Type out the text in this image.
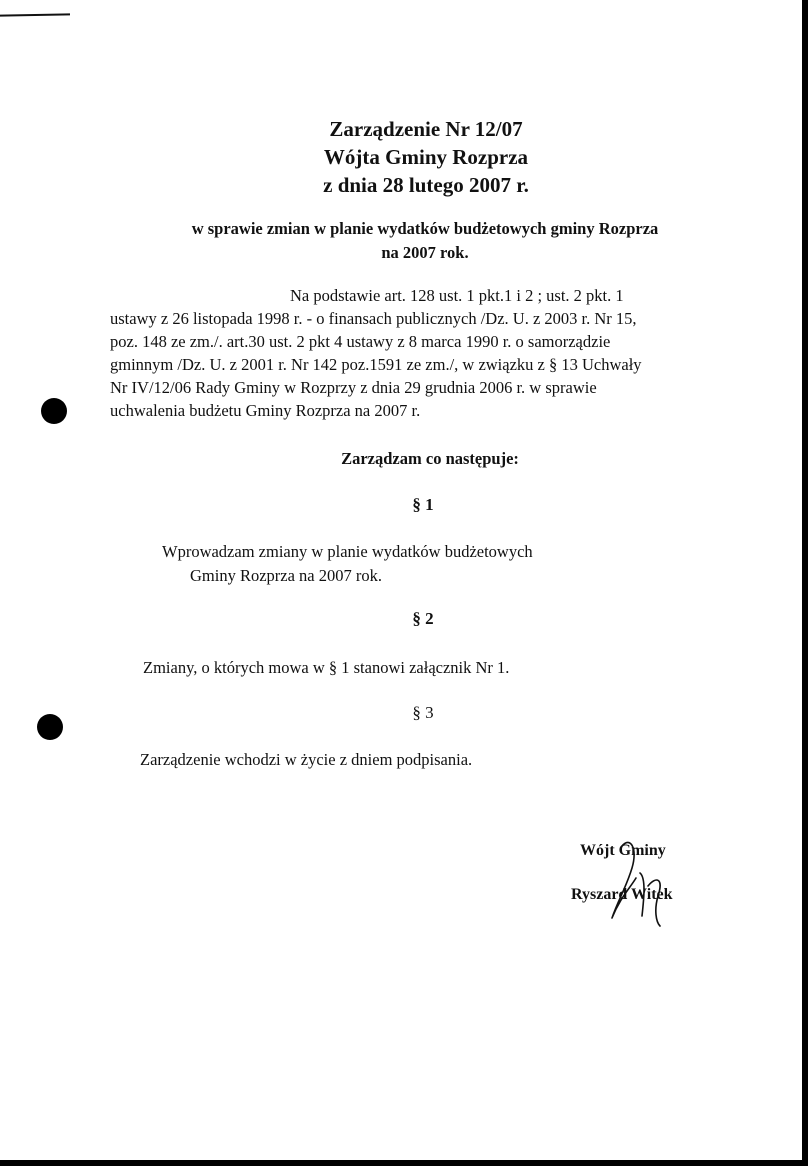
Zarządzenie Nr 12/07
Wójta Gminy Rozprza
z dnia 28 lutego 2007 r.
w sprawie zmian w planie wydatków budżetowych gminy Rozprza
na 2007 rok.
Na podstawie art. 128 ust. 1 pkt.1 i 2 ; ust. 2 pkt. 1
ustawy z 26 listopada 1998 r. - o finansach publicznych /Dz. U. z 2003 r. Nr 15,
poz. 148 ze zm./. art.30 ust. 2 pkt 4 ustawy z 8 marca 1990 r. o samorządzie
gminnym /Dz. U. z 2001 r. Nr 142 poz.1591 ze zm./, w związku z § 13 Uchwały
Nr IV/12/06 Rady Gminy w Rozprzy z dnia 29 grudnia 2006 r. w sprawie
uchwalenia budżetu Gminy Rozprza na 2007 r.
Zarządzam co następuje:
§ 1
Wprowadzam zmiany w planie wydatków budżetowych
Gminy Rozprza na 2007 rok.
§ 2
Zmiany, o których mowa w § 1 stanowi załącznik Nr 1.
§ 3
Zarządzenie wchodzi w życie z dniem podpisania.
Wójt Gminy
Ryszard Witek
